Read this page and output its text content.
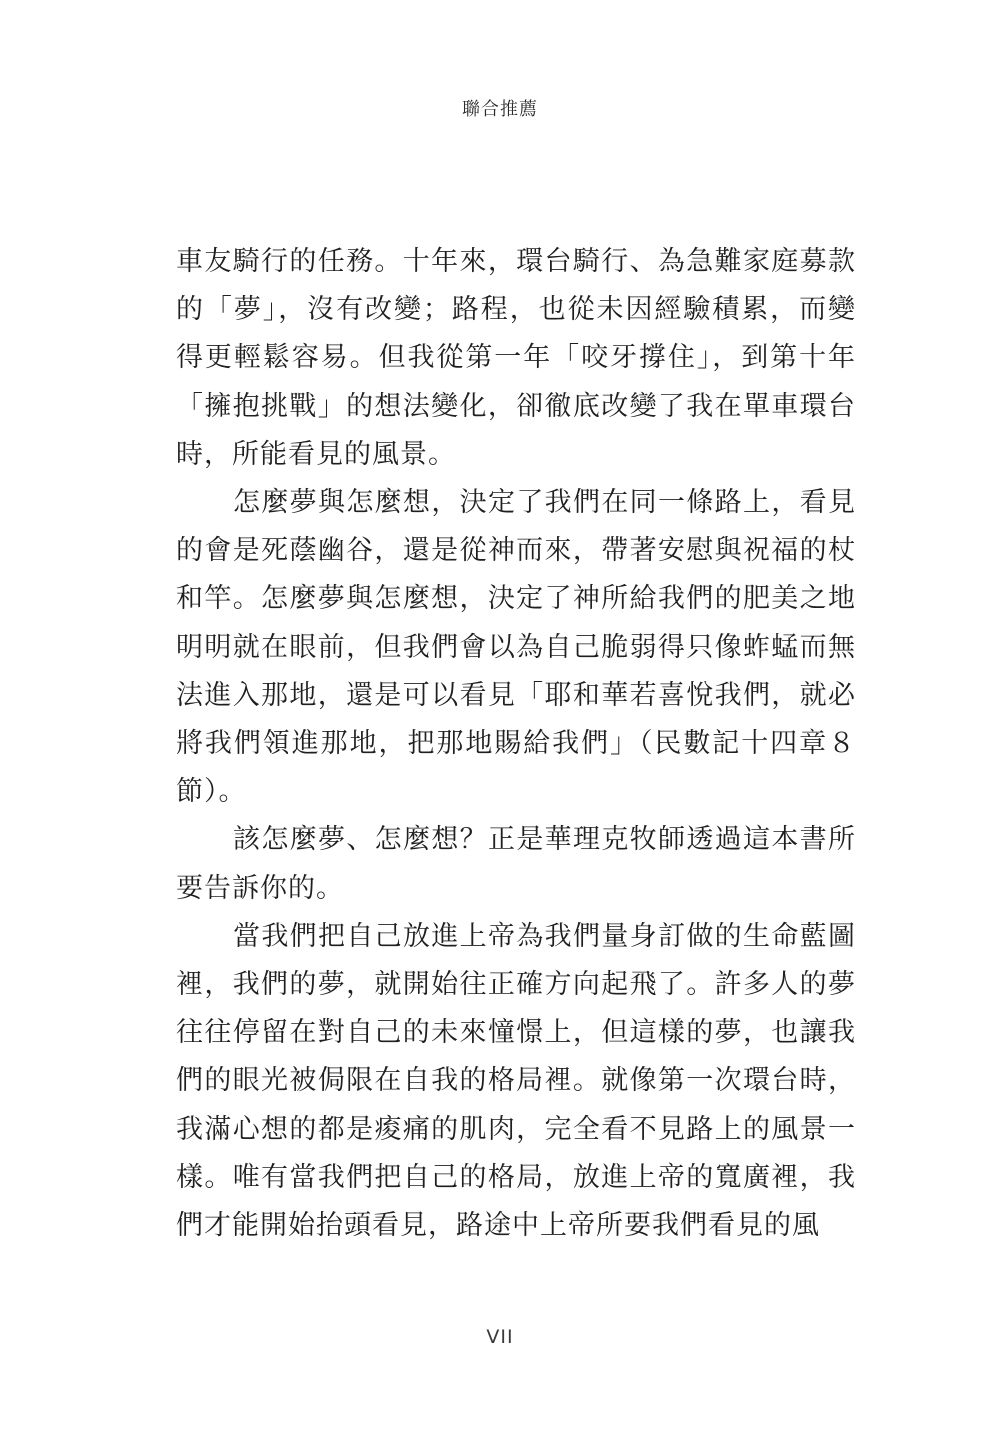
聯合推薦

車友騎行的任務。十年來，環台騎行、為急難家庭募款的「夢」，沒有改變；路程，也從未因經驗積累，而變得更輕鬆容易。但我從第一年「咬牙撐住」，到第十年「擁抱挑戰」的想法變化，卻徹底改變了我在單車環台時，所能看見的風景。

怎麼夢與怎麼想，決定了我們在同一條路上，看見的會是死蔭幽谷，還是從神而來，帶著安慰與祝福的杖和竿。怎麼夢與怎麼想，決定了神所給我們的肥美之地明明就在眼前，但我們會以為自己脆弱得只像蚱蜢而無法進入那地，還是可以看見「耶和華若喜悅我們，就必將我們領進那地，把那地賜給我們」（民數記十四章８節）。

該怎麼夢、怎麼想？正是華理克牧師透過這本書所要告訴你的。

當我們把自己放進上帝為我們量身訂做的生命藍圖裡，我們的夢，就開始往正確方向起飛了。許多人的夢往往停留在對自己的未來憧憬上，但這樣的夢，也讓我們的眼光被侷限在自我的格局裡。就像第一次環台時，我滿心想的都是痠痛的肌肉，完全看不見路上的風景一樣。唯有當我們把自己的格局，放進上帝的寬廣裡，我們才能開始抬頭看見，路途中上帝所要我們看見的風

VII
